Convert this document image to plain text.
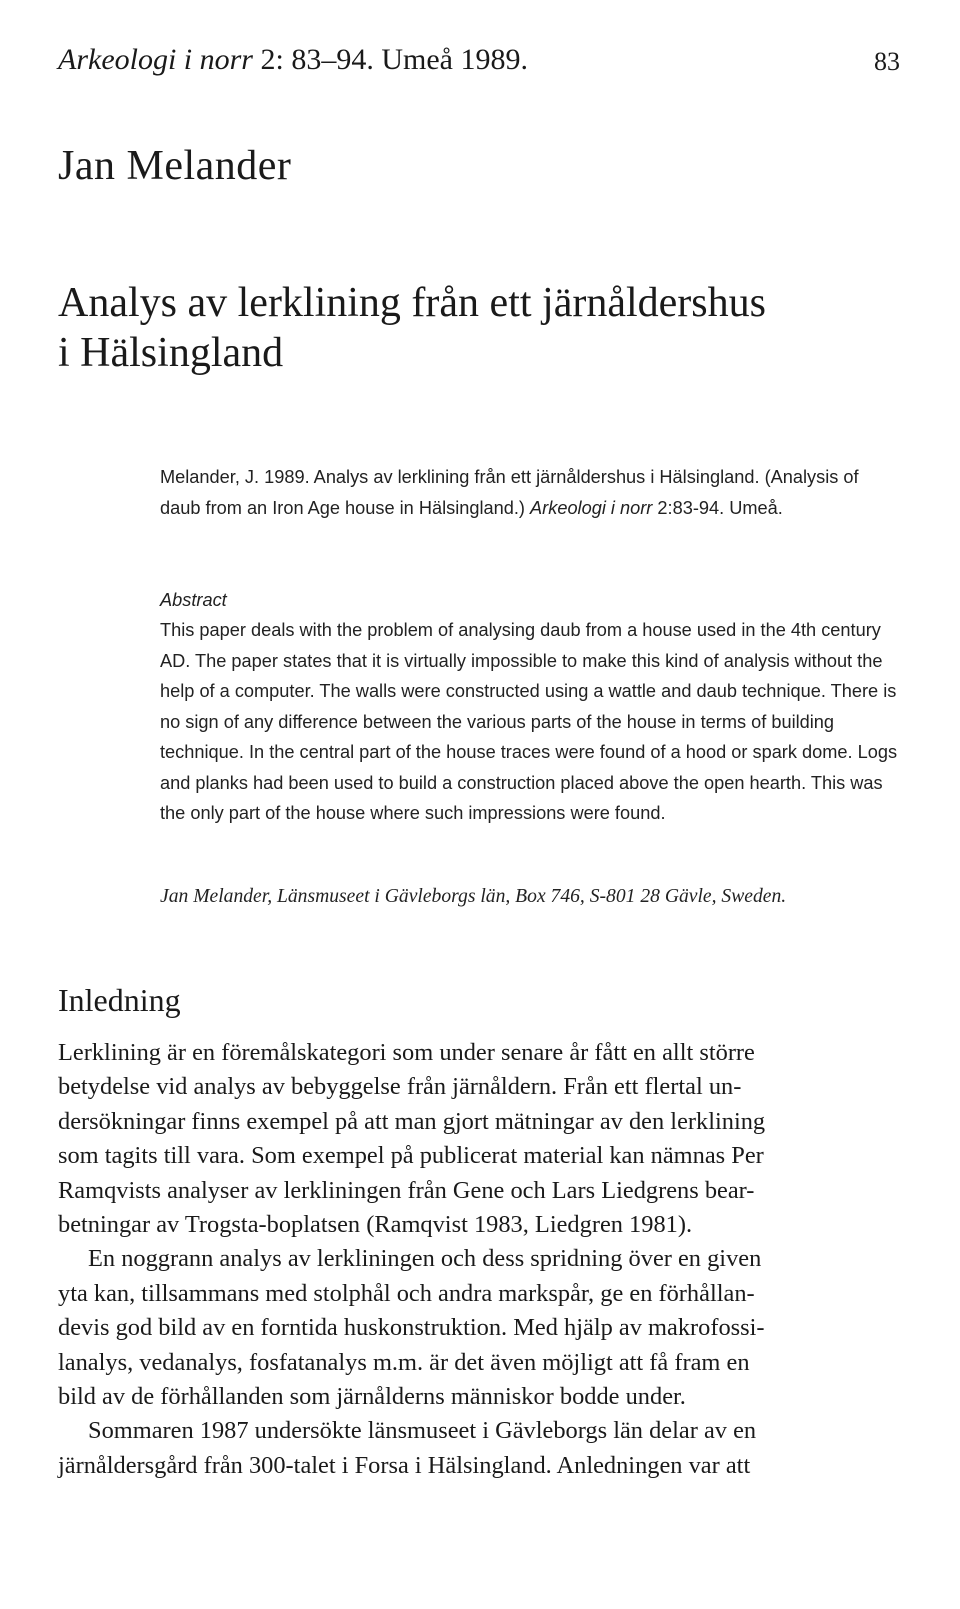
Arkeologi i norr 2: 83–94. Umeå 1989.	83
Jan Melander
Analys av lerklining från ett järnåldershus
i Hälsingland

Melander, J. 1989. Analys av lerklining från ett järnåldershus i Hälsingland. (Analysis of daub from an Iron Age house in Hälsingland.) Arkeologi i norr 2:83-94. Umeå.

Abstract

This paper deals with the problem of analysing daub from a house used in the 4th century AD. The paper states that it is virtually impossible to make this kind of analysis without the help of a computer. The walls were constructed using a wattle and daub technique. There is no sign of any difference between the various parts of the house in terms of building technique. In the central part of the house traces were found of a hood or spark dome. Logs and planks had been used to build a construction placed above the open hearth. This was the only part of the house where such impressions were found.

Jan Melander, Länsmuseet i Gävleborgs län, Box 746, S-801 28 Gävle, Sweden.
Inledning
Lerklining är en föremålskategori som under senare år fått en allt större
betydelse vid analys av bebyggelse från järnåldern. Från ett flertal un-
dersökningar finns exempel på att man gjort mätningar av den lerklining
som tagits till vara. Som exempel på publicerat material kan nämnas Per
Ramqvists analyser av lerkliningen från Gene och Lars Liedgrens bear-
betningar av Trogsta-boplatsen (Ramqvist 1983, Liedgren 1981).
En noggrann analys av lerkliningen och dess spridning över en given
yta kan, tillsammans med stolphål och andra markspår, ge en förhållan-
devis god bild av en forntida huskonstruktion. Med hjälp av makrofossi-
lanalys, vedanalys, fosfatanalys m.m. är det även möjligt att få fram en
bild av de förhållanden som järnålderns människor bodde under.
Sommaren 1987 undersökte länsmuseet i Gävleborgs län delar av en
järnåldersgård från 300-talet i Forsa i Hälsingland. Anledningen var att
